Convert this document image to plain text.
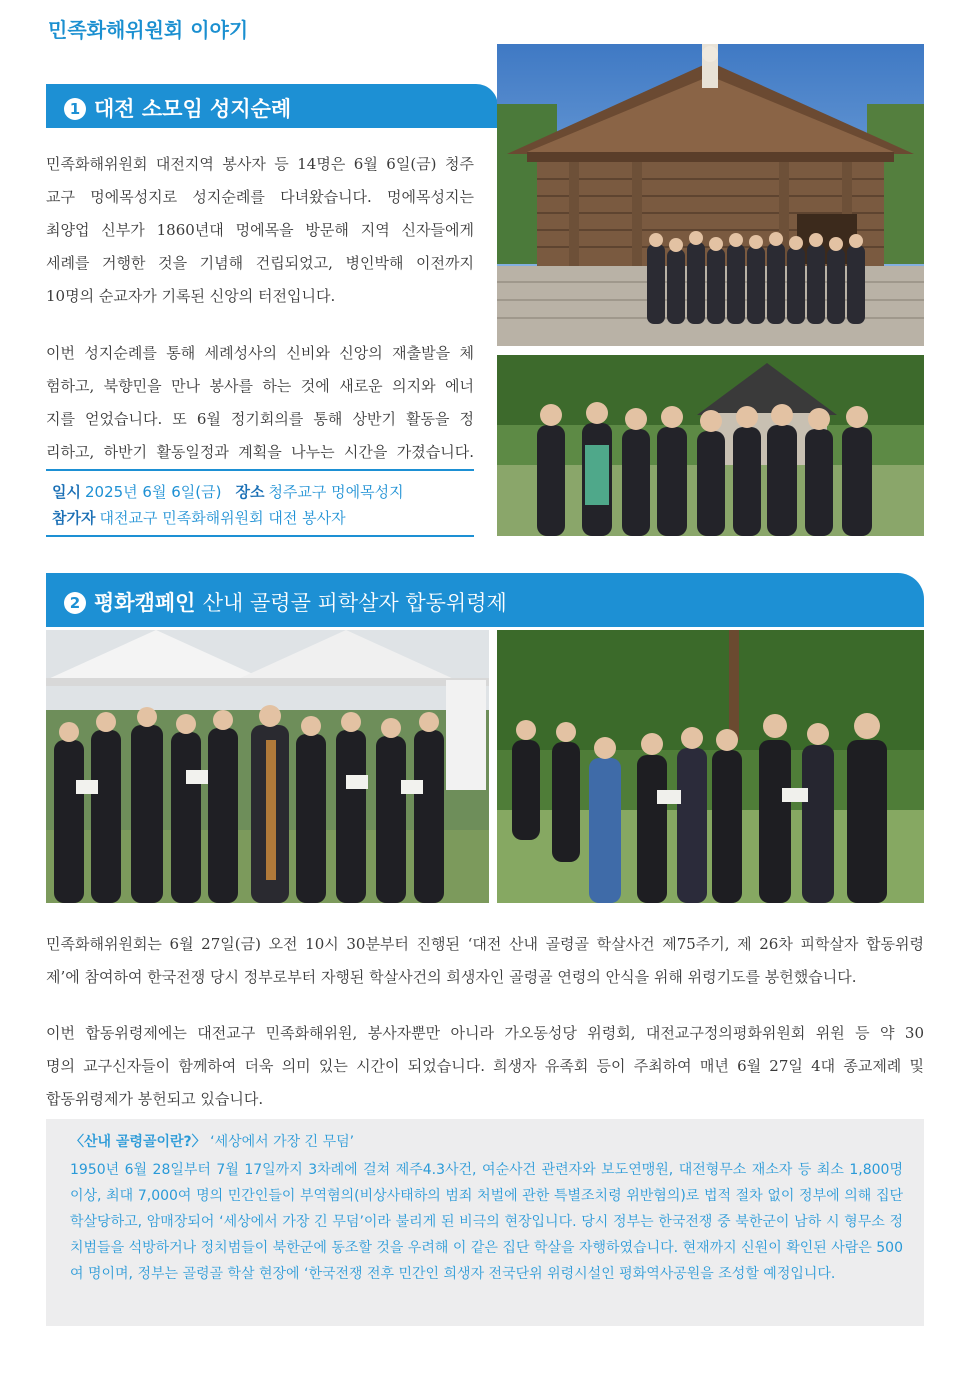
민족화해위원회 이야기
1 대전 소모임 성지순례
민족화해위원회 대전지역 봉사자 등 14명은 6월 6일(금) 청주
교구 멍에목성지로 성지순례를 다녀왔습니다. 멍에목성지는
최양업 신부가 1860년대 멍에목을 방문해 지역 신자들에게
세례를 거행한 것을 기념해 건립되었고, 병인박해 이전까지
10명의 순교자가 기록된 신앙의 터전입니다.
이번 성지순례를 통해 세례성사의 신비와 신앙의 재출발을 체
험하고, 북향민을 만나 봉사를 하는 것에 새로운 의지와 에너
지를 얻었습니다. 또 6월 정기회의를 통해 상반기 활동을 정
리하고, 하반기 활동일정과 계획을 나누는 시간을 가졌습니다.
일시 2025년 6월 6일(금) 장소 청주교구 멍에목성지
참가자 대전교구 민족화해위원회 대전 봉사자
2 평화캠페인 산내 골령골 피학살자 합동위령제
민족화해위원회는 6월 27일(금) 오전 10시 30분부터 진행된 ‘대전 산내 골령골 학살사건 제75주기, 제 26차 피학살자 합동위령
제’에 참여하여 한국전쟁 당시 정부로부터 자행된 학살사건의 희생자인 골령골 연령의 안식을 위해 위령기도를 봉헌했습니다.
이번 합동위령제에는 대전교구 민족화해위원, 봉사자뿐만 아니라 가오동성당 위령회, 대전교구정의평화위원회 위원 등 약 30
명의 교구신자들이 함께하여 더욱 의미 있는 시간이 되었습니다. 희생자 유족회 등이 주최하여 매년 6월 27일 4대 종교제례 및
합동위령제가 봉헌되고 있습니다.
〈산내 골령골이란?〉 ‘세상에서 가장 긴 무덤’
1950년 6월 28일부터 7월 17일까지 3차례에 걸쳐 제주4.3사건, 여순사건 관련자와 보도연맹원, 대전형무소 재소자 등 최소 1,800명 이상, 최대 7,000여 명의 민간인들이 부역혐의(비상사태하의 범죄 처벌에 관한 특별조치령 위반혐의)로 법적 절차 없이 정부에 의해 집단 학살당하고, 암매장되어 ‘세상에서 가장 긴 무덤’이라 불리게 된 비극의 현장입니다. 당시 정부는 한국전쟁 중 북한군이 남하 시 형무소 정치범들을 석방하거나 정치범들이 북한군에 동조할 것을 우려해 이 같은 집단 학살을 자행하였습니다. 현재까지 신원이 확인된 사람은 500여 명이며, 정부는 골령골 학살 현장에 ‘한국전쟁 전후 민간인 희생자 전국단위 위령시설인 평화역사공원을 조성할 예정입니다.
